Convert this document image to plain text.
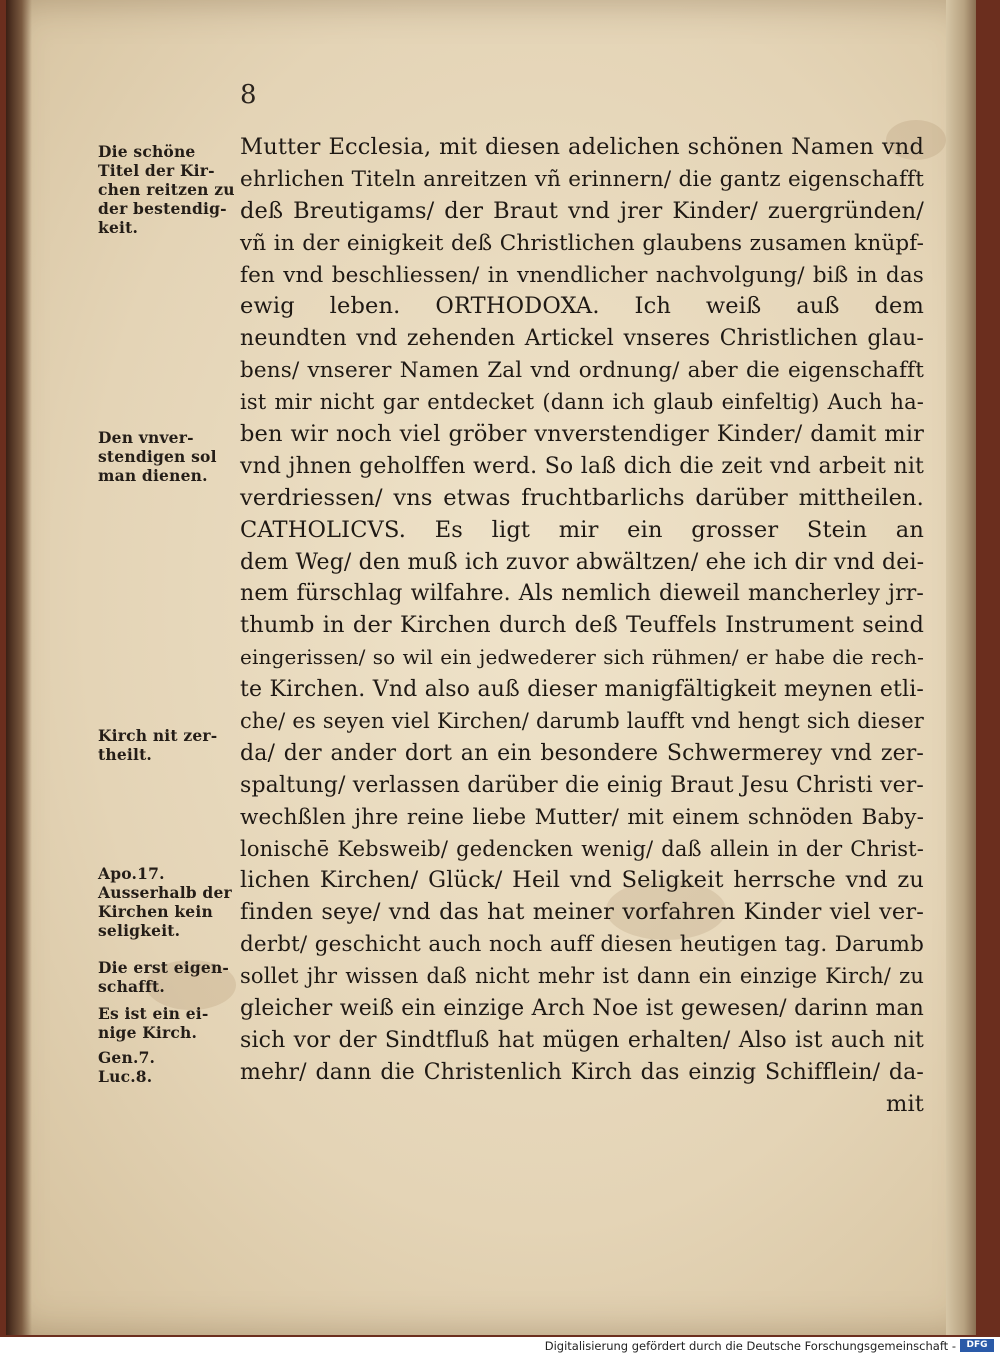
8
Die schöne
Titel der Kir-
chen reitzen zu
der bestendig-
keit.
Den vnver-
stendigen sol
man dienen.
Kirch nit zer-
theilt.
Apo.17.
Ausserhalb der
Kirchen kein
seligkeit.
Die erst eigen-
schafft.
Es ist ein ei-
nige Kirch.
Gen.7.
Luc.8.
Mutter Ecclesia, mit diesen adelichen schönen Namen vnd
ehrlichen Titeln anreitzen vñ erinnern/ die gantz eigenschafft
deß Breutigams/ der Braut vnd jrer Kinder/ zuergründen/
vñ in der einigkeit deß Christlichen glaubens zusamen knüpf-
fen vnd beschliessen/ in vnendlicher nachvolgung/ biß in das
ewig leben. ORTHODOXA. Ich weiß auß dem
neundten vnd zehenden Artickel vnseres Christlichen glau-
bens/ vnserer Namen Zal vnd ordnung/ aber die eigenschafft
ist mir nicht gar entdecket (dann ich glaub einfeltig) Auch ha-
ben wir noch viel gröber vnverstendiger Kinder/ damit mir
vnd jhnen geholffen werd. So laß dich die zeit vnd arbeit nit
verdriessen/ vns etwas fruchtbarlichs darüber mittheilen.
CATHOLICVS. Es ligt mir ein grosser Stein an
dem Weg/ den muß ich zuvor abwältzen/ ehe ich dir vnd dei-
nem fürschlag wilfahre. Als nemlich dieweil mancherley jrr-
thumb in der Kirchen durch deß Teuffels Instrument seind
eingerissen/ so wil ein jedwederer sich rühmen/ er habe die rech-
te Kirchen. Vnd also auß dieser manigfältigkeit meynen etli-
che/ es seyen viel Kirchen/ darumb laufft vnd hengt sich dieser
da/ der ander dort an ein besondere Schwermerey vnd zer-
spaltung/ verlassen darüber die einig Braut Jesu Christi ver-
wechßlen jhre reine liebe Mutter/ mit einem schnöden Baby-
lonischē Kebsweib/ gedencken wenig/ daß allein in der Christ-
lichen Kirchen/ Glück/ Heil vnd Seligkeit herrsche vnd zu
finden seye/ vnd das hat meiner vorfahren Kinder viel ver-
derbt/ geschicht auch noch auff diesen heutigen tag. Darumb
sollet jhr wissen daß nicht mehr ist dann ein einzige Kirch/ zu
gleicher weiß ein einzige Arch Noe ist gewesen/ darinn man
sich vor der Sindtfluß hat mügen erhalten/ Also ist auch nit
mehr/ dann die Christenlich Kirch das einzig Schifflein/ da-
mit
Digitalisierung gefördert durch die Deutsche Forschungsgemeinschaft -	DFG
